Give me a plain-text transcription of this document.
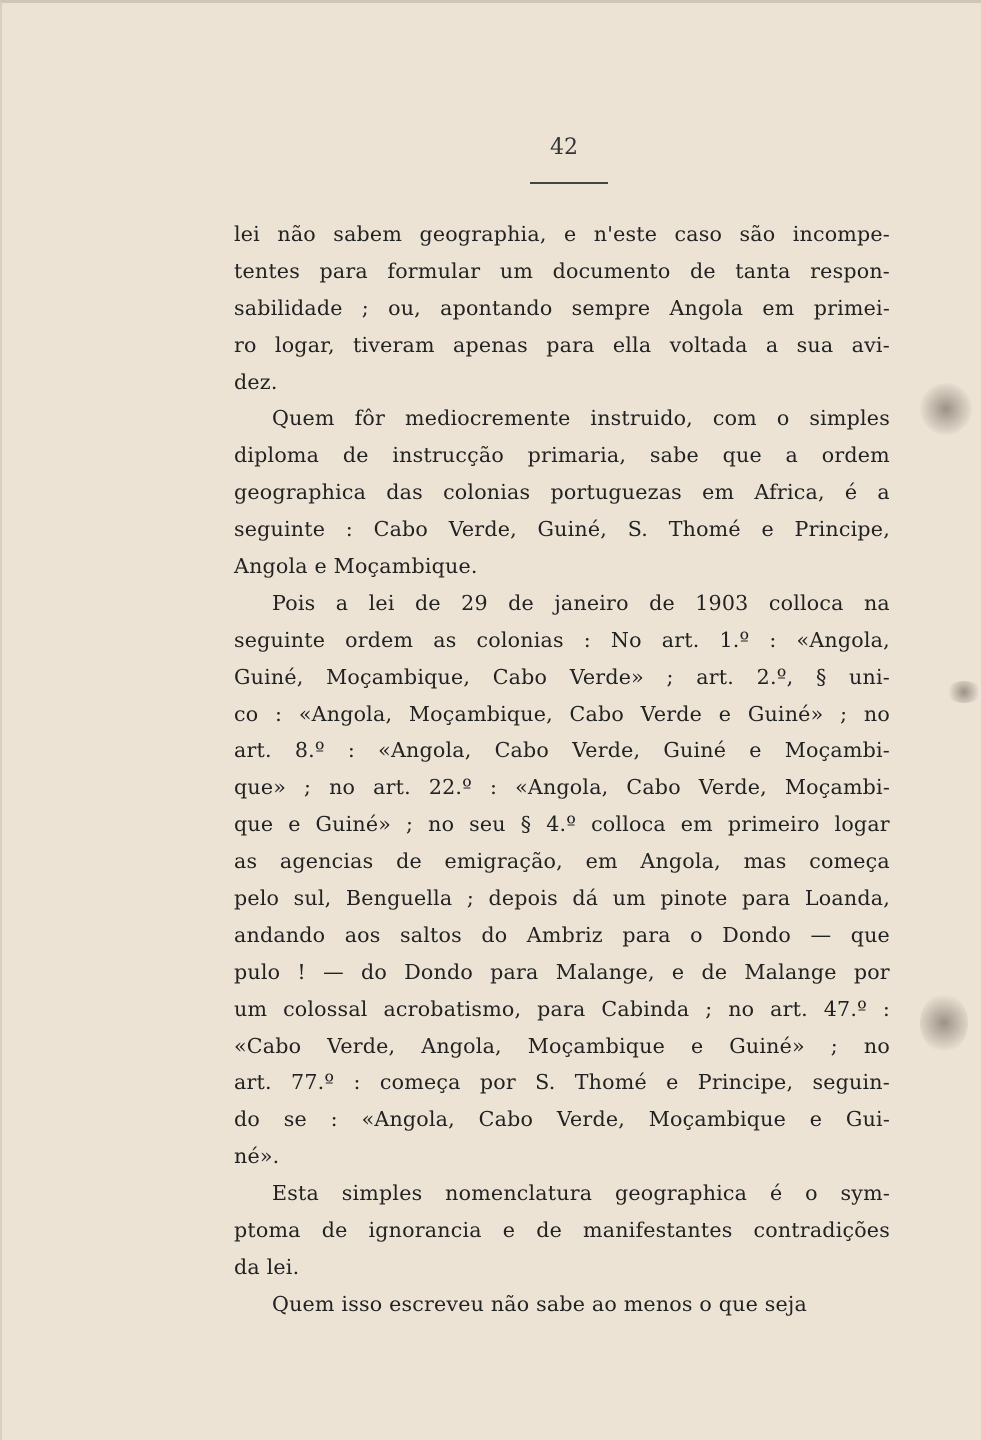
42
lei não sabem geographia, e n'este caso são incompe-
tentes para formular um documento de tanta respon-
sabilidade ; ou, apontando sempre Angola em primei-
ro logar, tiveram apenas para ella voltada a sua avi-
dez.
Quem fôr mediocremente instruido, com o simples
diploma de instrucção primaria, sabe que a ordem
geographica das colonias portuguezas em Africa, é a
seguinte : Cabo Verde, Guiné, S. Thomé e Principe,
Angola e Moçambique.
Pois a lei de 29 de janeiro de 1903 colloca na
seguinte ordem as colonias : No art. 1.º : «Angola,
Guiné, Moçambique, Cabo Verde» ; art. 2.º, § uni-
co : «Angola, Moçambique, Cabo Verde e Guiné» ; no
art. 8.º : «Angola, Cabo Verde, Guiné e Moçambi-
que» ; no art. 22.º : «Angola, Cabo Verde, Moçambi-
que e Guiné» ; no seu § 4.º colloca em primeiro logar
as agencias de emigração, em Angola, mas começa
pelo sul, Benguella ; depois dá um pinote para Loanda,
andando aos saltos do Ambriz para o Dondo — que
pulo ! — do Dondo para Malange, e de Malange por
um colossal acrobatismo, para Cabinda ; no art. 47.º :
«Cabo Verde, Angola, Moçambique e Guiné» ; no
art. 77.º : começa por S. Thomé e Principe, seguin-
do se : «Angola, Cabo Verde, Moçambique e Gui-
né».
Esta simples nomenclatura geographica é o sym-
ptoma de ignorancia e de manifestantes contradições
da lei.
Quem isso escreveu não sabe ao menos o que seja
